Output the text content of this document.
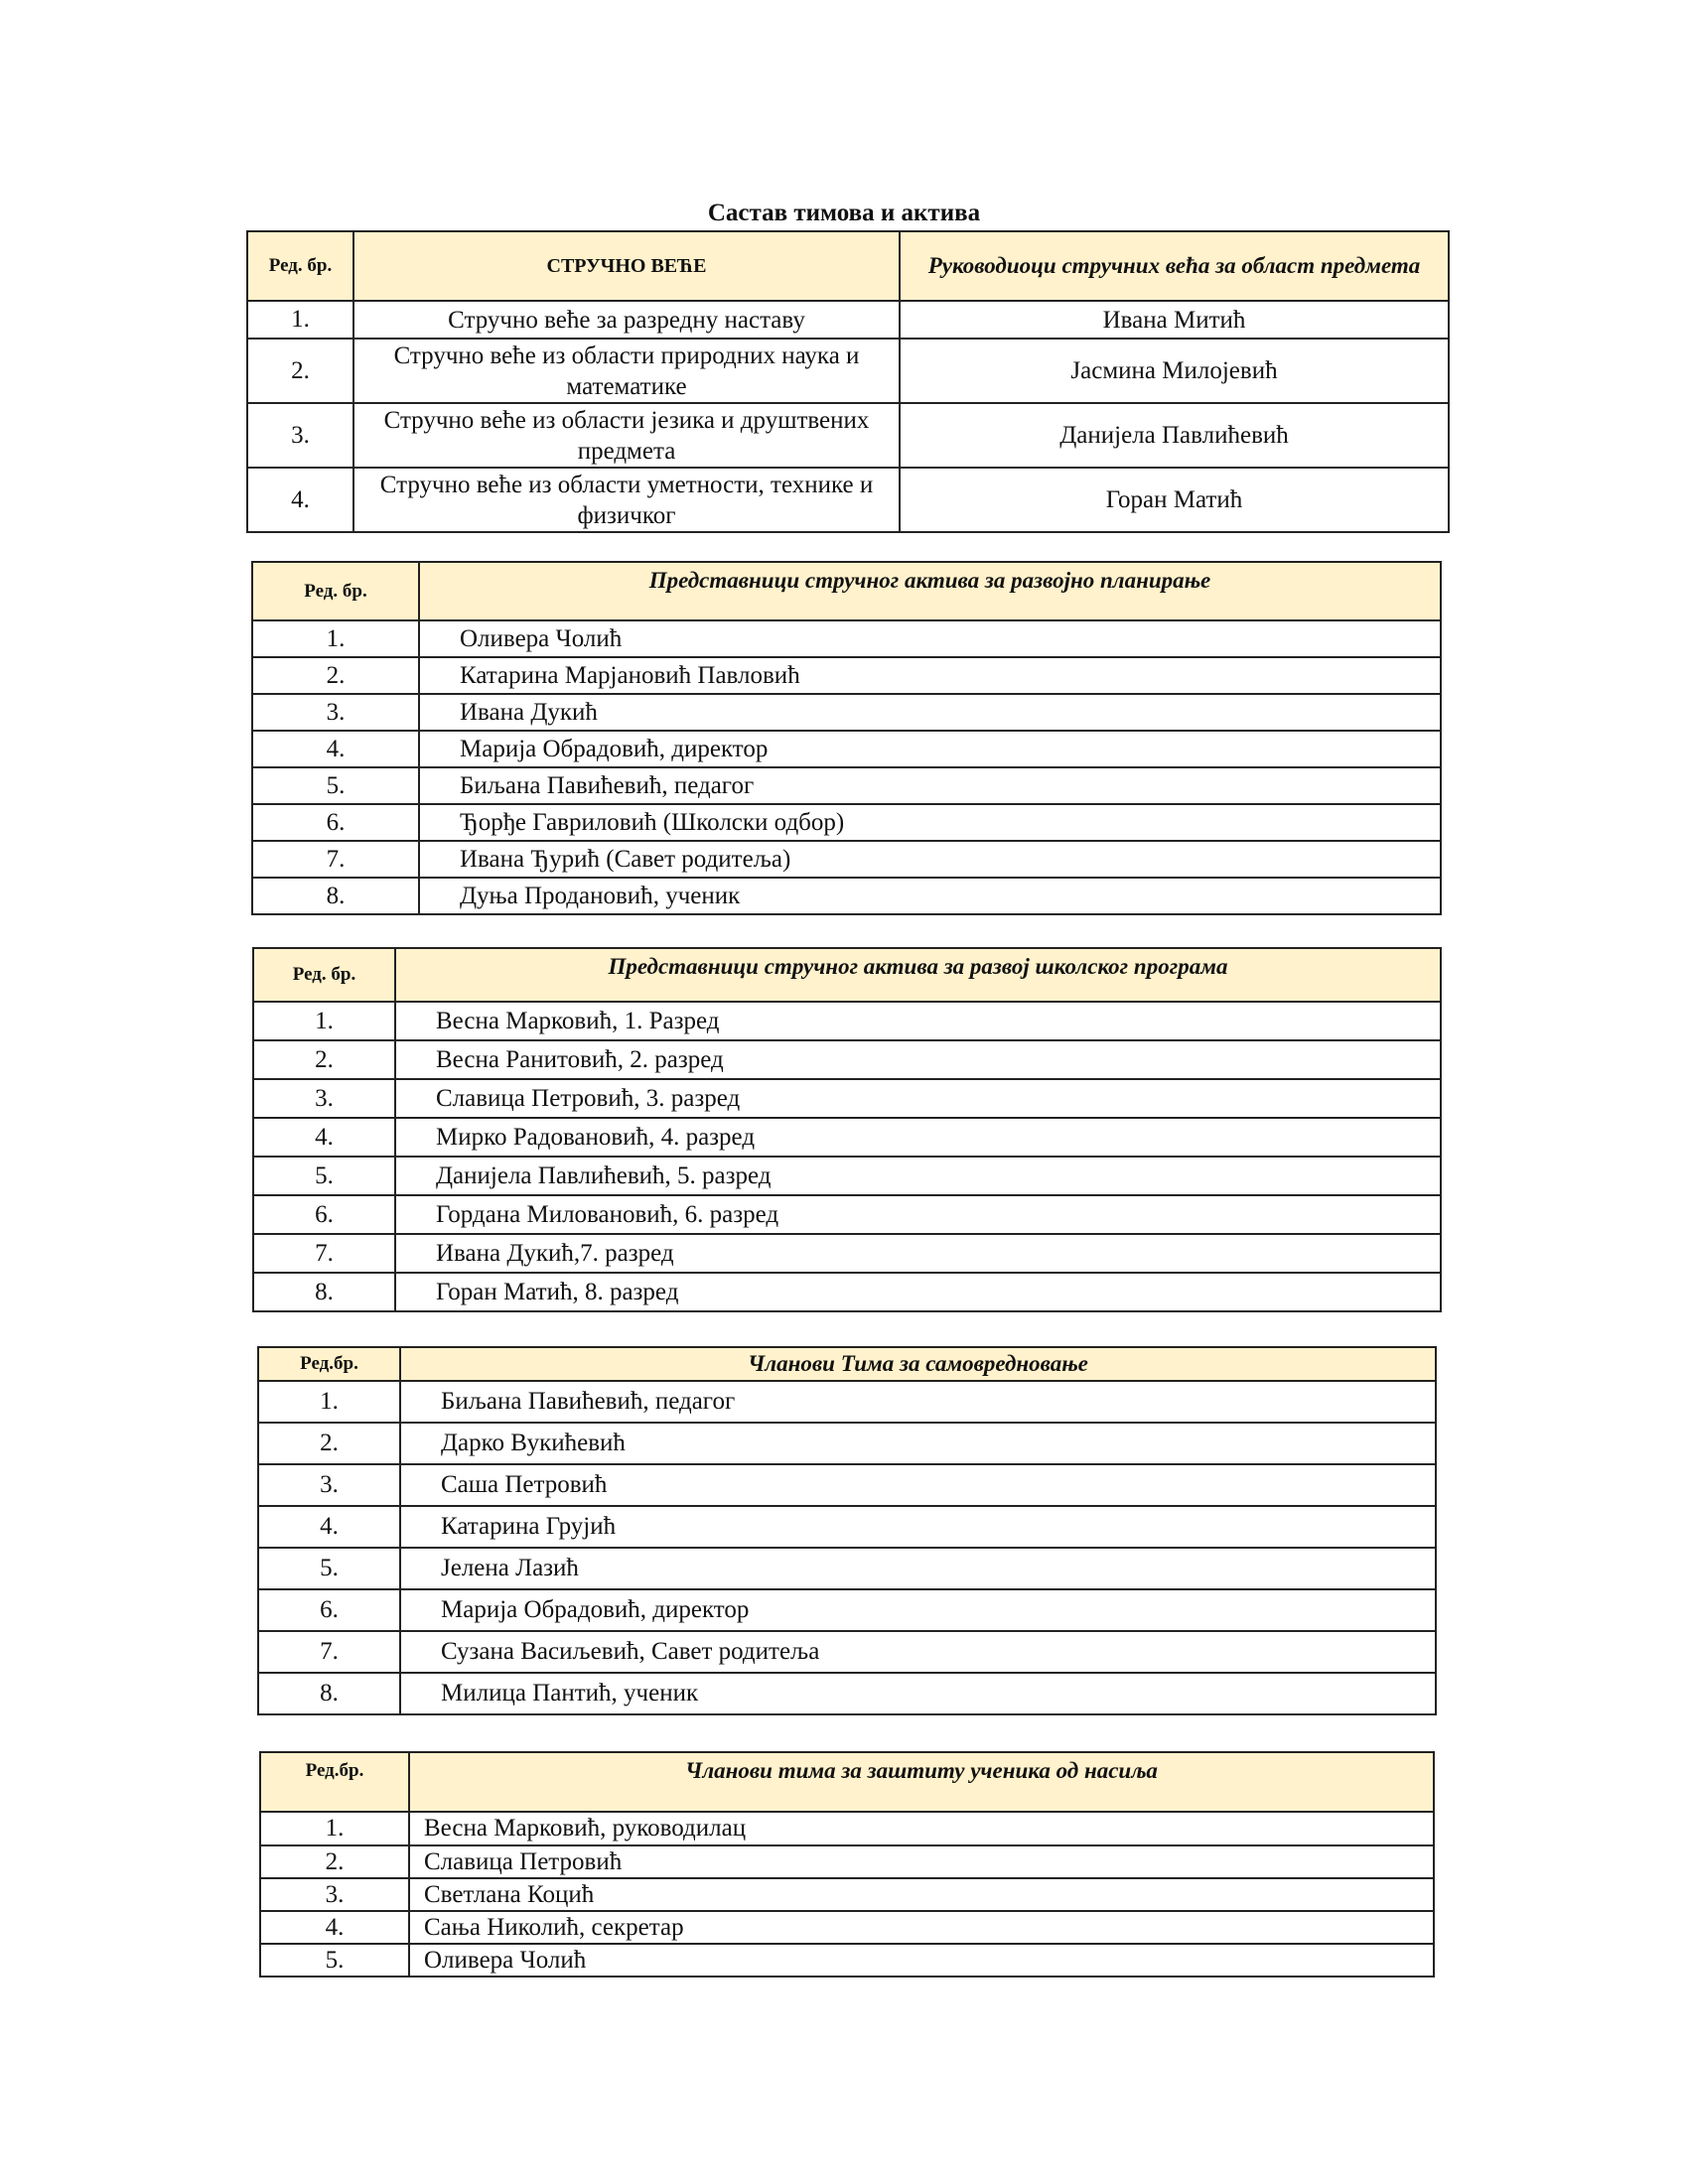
Састав тимова и актива
Ред. бр.	СТРУЧНО ВЕЋЕ	Руководиоци стручних већа за област предмета
1.	Стручно веће за разредну наставу	Ивана Митић
2.	Стручно веће из области природних наука и математике	Јасмина Милојевић
3.	Стручно веће из области језика и друштвених предмета	Данијела Павлићевић
4.	Стручно веће из области уметности, технике и физичког	Горан Матић
Ред. бр.	Представници стручног актива за развојно планирање
1.	Оливера Чолић
2.	Катарина Марјановић Павловић
3.	Ивана Дукић
4.	Марија Обрадовић, директор
5.	Биљана Павићевић, педагог
6.	Ђорђе Гавриловић (Школски одбор)
7.	Ивана Ђурић (Савет родитеља)
8.	Дуња Продановић, ученик
Ред. бр.	Представници стручног актива за развој школског програма
1.	Весна Марковић, 1. Разред
2.	Весна Ранитовић, 2. разред
3.	Славица Петровић, 3. разред
4.	Мирко Радовановић, 4. разред
5.	Данијела Павлићевић, 5. разред
6.	Гордана Миловановић, 6. разред
7.	Ивана Дукић,7. разред
8.	Горан Матић, 8. разред
Ред.бр.	Чланови Тима за самовредновање
1.	Биљана Павићевић, педагог
2.	Дарко Вукићевић
3.	Саша Петровић
4.	Катарина Грујић
5.	Јелена Лазић
6.	Марија Обрадовић, директор
7.	Сузана Васиљевић, Савет родитеља
8.	Милица Пантић, ученик
Ред.бр.	Чланови тима за заштиту ученика од насиља
1.	Весна Марковић, руководилац
2.	Славица Петровић
3.	Светлана Коцић
4.	Сања Николић, секретар
5.	Оливера Чолић
